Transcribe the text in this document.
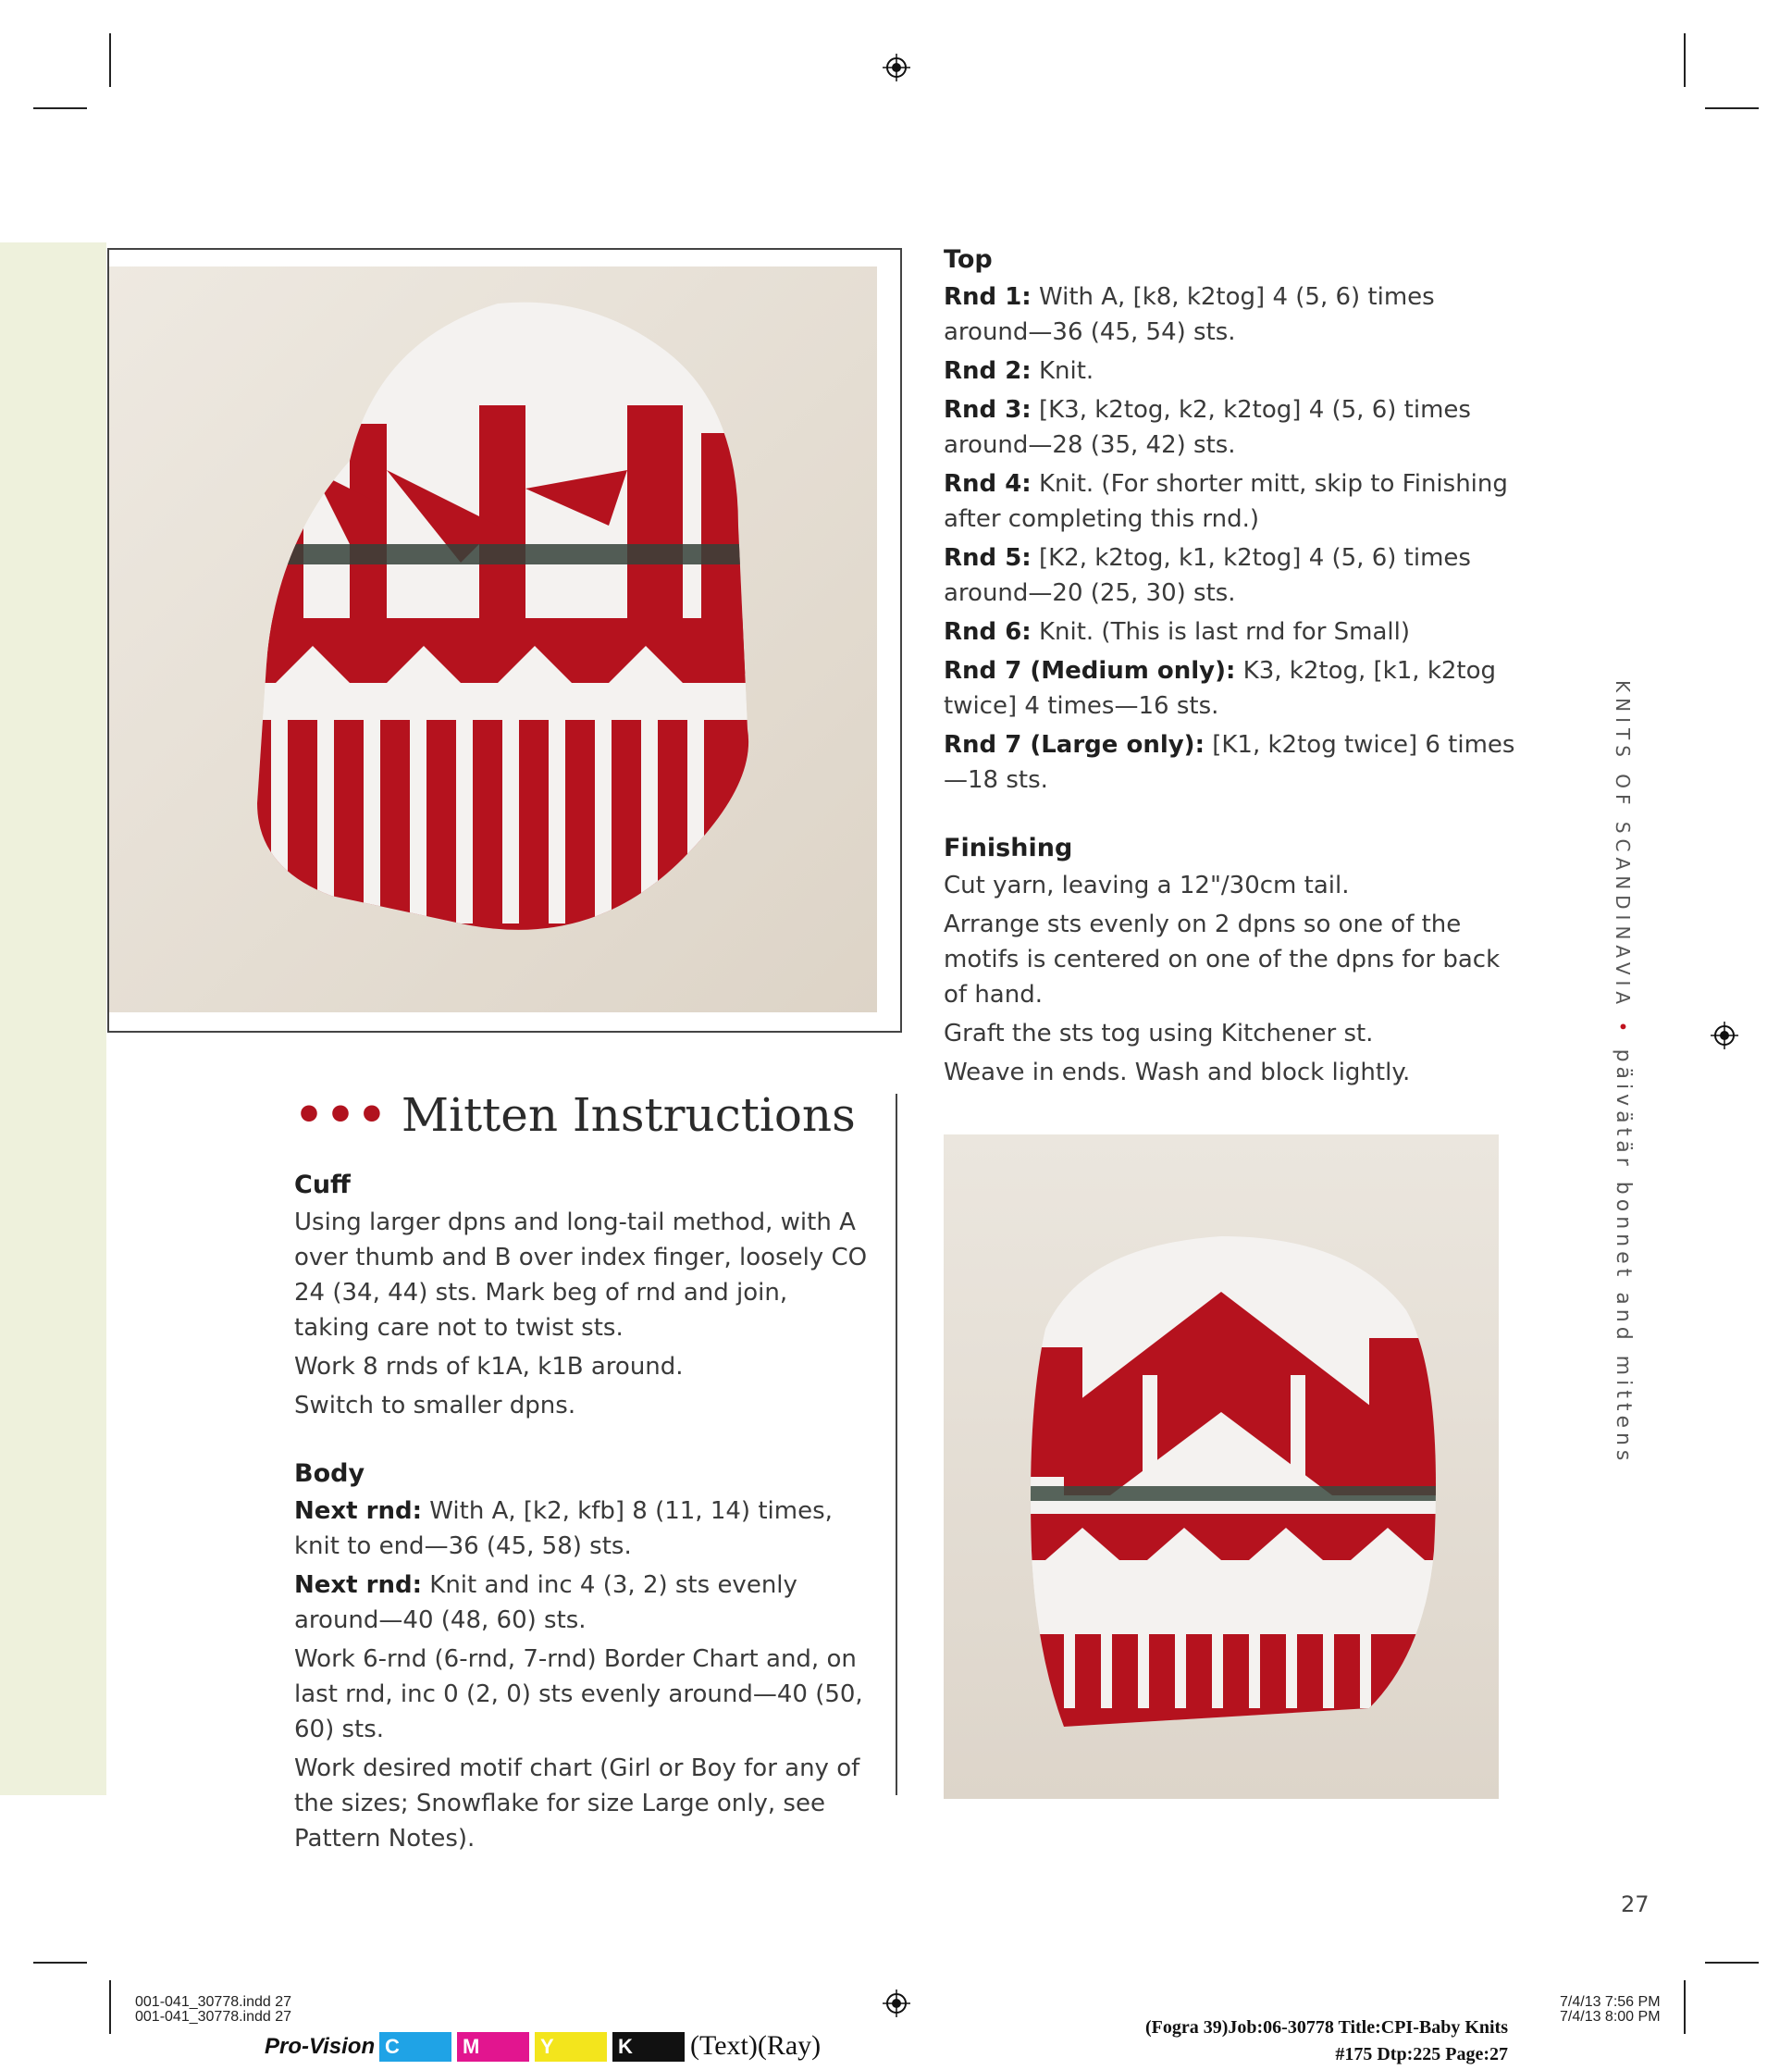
••• Mitten Instructions
Cuff

Using larger dpns and long-tail method, with A over thumb and B over index finger, loosely CO 24 (34, 44) sts. Mark beg of rnd and join, taking care not to twist sts.

Work 8 rnds of k1A, k1B around.

Switch to smaller dpns.

Body

Next rnd: With A, [k2, kfb] 8 (11, 14) times, knit to end—36 (45, 58) sts.

Next rnd: Knit and inc 4 (3, 2) sts evenly around—40 (48, 60) sts.

Work 6-rnd (6-rnd, 7-rnd) Border Chart and, on last rnd, inc 0 (2, 0) sts evenly around—40 (50, 60) sts.

Work desired motif chart (Girl or Boy for any of the sizes; Snowflake for size Large only, see Pattern Notes).

Top

Rnd 1: With A, [k8, k2tog] 4 (5, 6) times around—36 (45, 54) sts.

Rnd 2: Knit.

Rnd 3: [K3, k2tog, k2, k2tog] 4 (5, 6) times around—28 (35, 42) sts.

Rnd 4: Knit. (For shorter mitt, skip to Finishing after completing this rnd.)

Rnd 5: [K2, k2tog, k1, k2tog] 4 (5, 6) times around—20 (25, 30) sts.

Rnd 6: Knit. (This is last rnd for Small)

Rnd 7 (Medium only): K3, k2tog, [k1, k2tog twice] 4 times—16 sts.

Rnd 7 (Large only): [K1, k2tog twice] 6 times—18 sts.

Finishing

Cut yarn, leaving a 12"/30cm tail.

Arrange sts evenly on 2 dpns so one of the motifs is centered on one of the dpns for back of hand.

Graft the sts tog using Kitchener st.

Weave in ends. Wash and block lightly.

KNITS OF SCANDINAVIA • päivätär bonnet and mittens
27
001-041_30778.indd 27
001-041_30778.indd 27
7/4/13 7:56 PM
7/4/13 8:00 PM
Pro-Vision C	M	Y	K	(Text)(Ray)
(Fogra 39)Job:06-30778 Title:CPI-Baby Knits
#175 Dtp:225 Page:27
